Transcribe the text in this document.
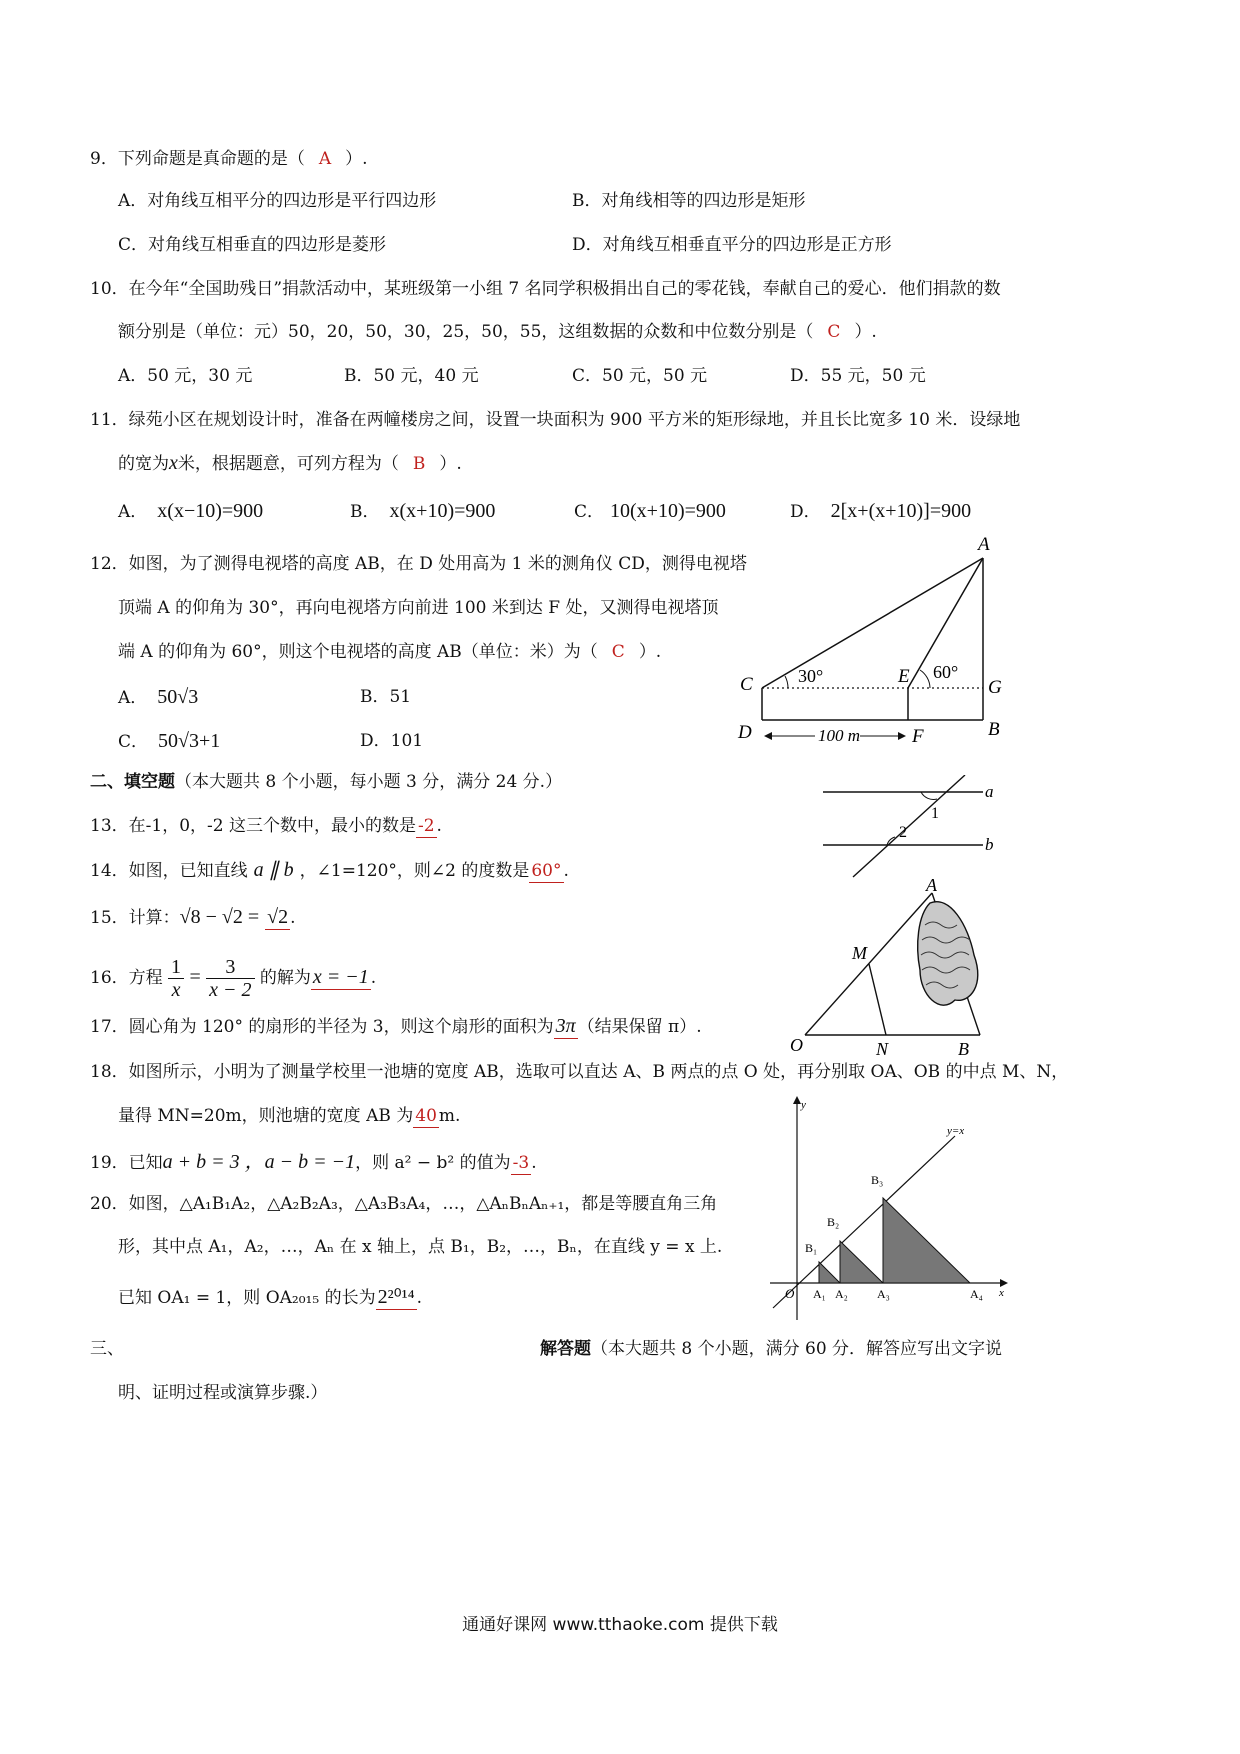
9．下列命题是真命题的是（ A ）.
A．对角线互相平分的四边形是平行四边形	B．对角线相等的四边形是矩形
C．对角线互相垂直的四边形是菱形	D．对角线互相垂直平分的四边形是正方形
10．在今年“全国助残日”捐款活动中，某班级第一小组 7 名同学积极捐出自己的零花钱，奉献自己的爱心．他们捐款的数
额分别是（单位：元）50，20，50，30，25，50，55，这组数据的众数和中位数分别是（ C ）.
A．50 元，30 元	B．50 元，40 元	C．50 元，50 元	D．55 元，50 元
11．绿苑小区在规划设计时，准备在两幢楼房之间，设置一块面积为 900 平方米的矩形绿地，并且长比宽多 10 米．设绿地
的宽为x米，根据题意，可列方程为（ B ）.
A． x(x−10)=900	B． x(x+10)=900	C． 10(x+10)=900	D． 2[x+(x+10)]=900
12．如图，为了测得电视塔的高度 AB，在 D 处用高为 1 米的测角仪 CD，测得电视塔
顶端 A 的仰角为 30°，再向电视塔方向前进 100 米到达 F 处，又测得电视塔顶
端 A 的仰角为 60°，则这个电视塔的高度 AB（单位：米）为（ C ）.
A． 50√3	B．51
C． 50√3+1	D．101
A
C
D
E
F
G
B
30°	60°
100 m
二、填空题（本大题共 8 个小题，每小题 3 分，满分 24 分.）
13．在-1，0，-2 这三个数中，最小的数是 -2 .
14．如图，已知直线 a ∥ b ，∠1=120°，则∠2 的度数是 60° .
a
b
1
2
15．计算：√8 − √2 = √2 .
16．方程 $\frac{1}{x} = \frac{3}{x - 2}$ 的解为 x = −1 .
17．圆心角为 120° 的扇形的半径为 3，则这个扇形的面积为 3π （结果保留 π）.
A
M
O	N	B
18．如图所示，小明为了测量学校里一池塘的宽度 AB，选取可以直达 A、B 两点的点 O 处，再分别取 OA、OB 的中点 M、N，
量得 MN=20m，则池塘的宽度 AB 为 40 m.
19．已知a + b = 3 ，a − b = −1，则 a² − b² 的值为 -3 .
20．如图，△A₁B₁A₂，△A₂B₂A₃，△A₃B₃A₄，…，△AₙBₙAₙ₊₁，都是等腰直角三角
形，其中点 A₁，A₂，…，Aₙ 在 x 轴上，点 B₁，B₂，…，Bₙ，在直线 y = x 上.
已知 OA₁ = 1，则 OA₂₀₁₅ 的长为 2²⁰¹⁴ .
y
x
y=x
O A₁ A₂ A₃	A₄
B₁
B₂
B₃
三、	解答题（本大题共 8 个小题，满分 60 分．解答应写出文字说
明、证明过程或演算步骤.）
通通好课网 www.tthaoke.com 提供下载
